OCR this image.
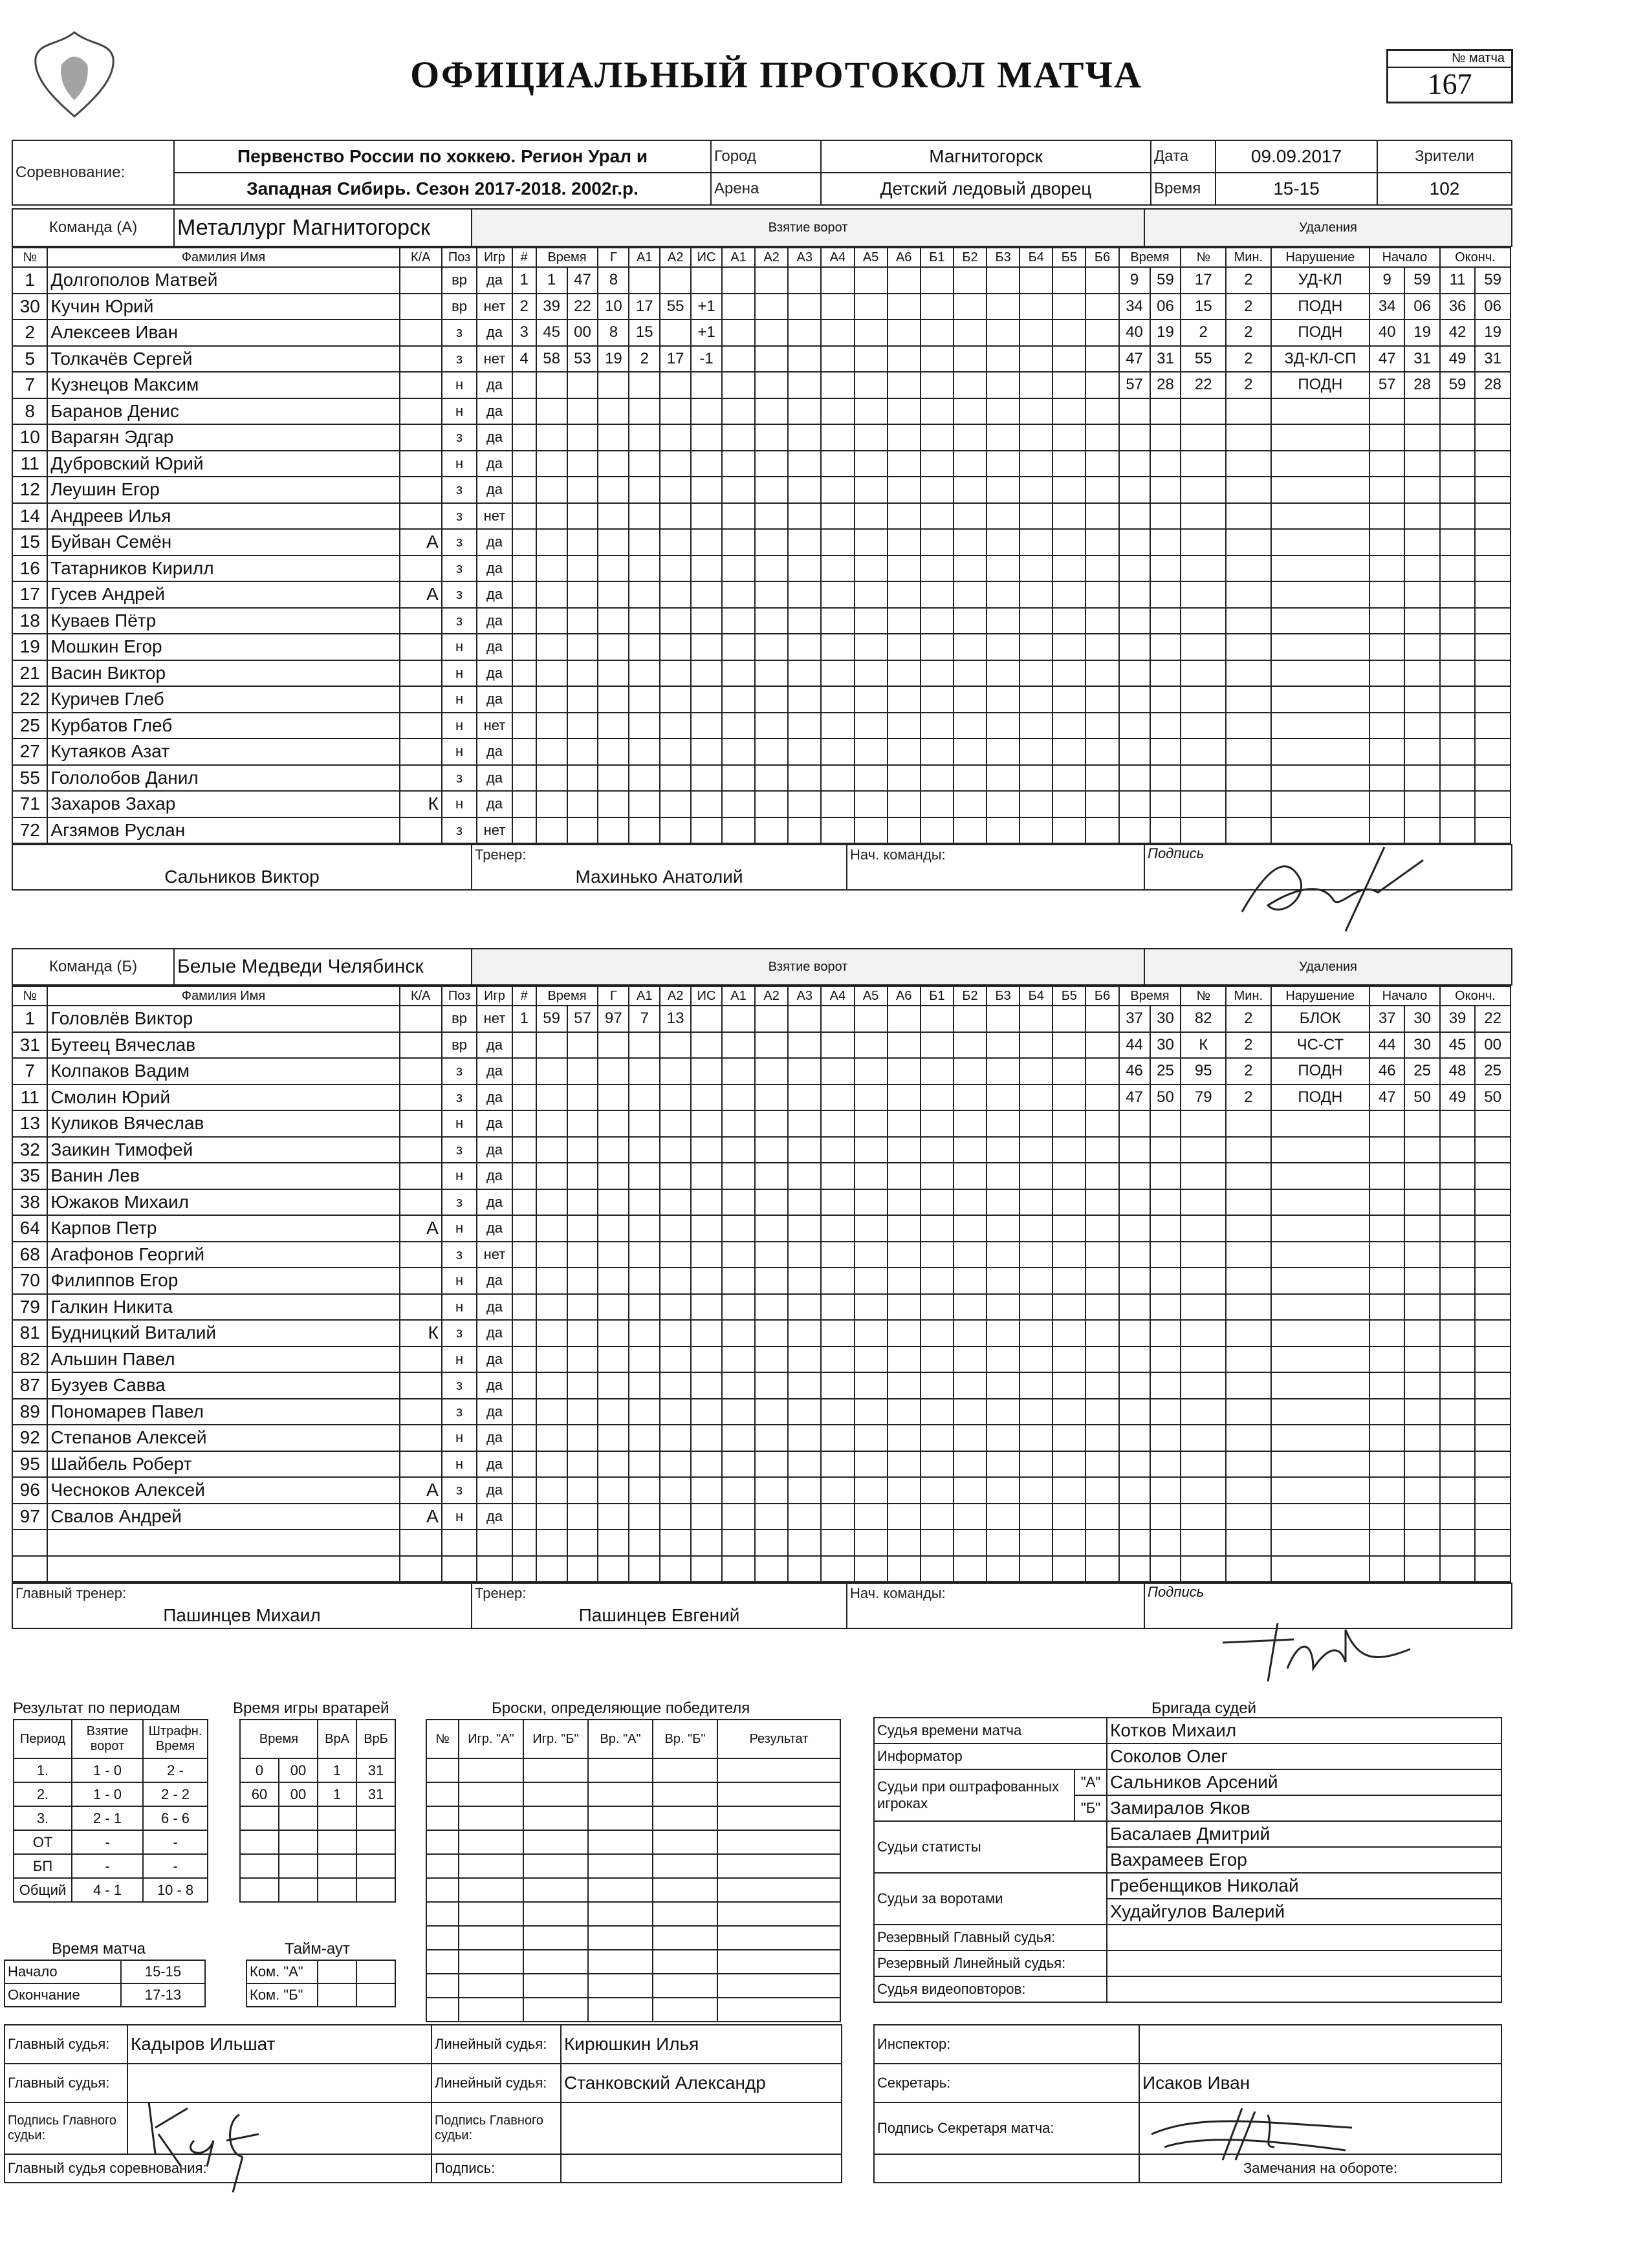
ОФИЦИАЛЬНЫЙ ПРОТОКОЛ МАТЧА	№ матча
167
Соревнование:	Первенство России по хоккею. Регион Урал и	Город	Магнитогорск	Дата	09.09.2017	Зрители
	Западная Сибирь. Сезон 2017-2018. 2002г.р.	Арена	Детский ледовый дворец	Время	15-15	102
Команда (А)	Металлург Магнитогорск	Взятие ворот	Удаления
№	Фамилия Имя	К/А	Поз	Игр	#	Время		Г	А1	А2	ИС	А1	А2	А3	А4	А5	А6	Б1	Б2	Б3	Б4	Б5	Б6	Время		№	Мин.	Нарушение	Начало		Оконч.	
1	Долгополов Матвей		вр	да	1	1	47	8																9	59	17	2	УД-КЛ	9	59	11	59
30	Кучин Юрий		вр	нет	2	39	22	10	17	55	+1													34	06	15	2	ПОДН	34	06	36	06
2	Алексеев Иван		з	да	3	45	00	8	15		+1													40	19	2	2	ПОДН	40	19	42	19
5	Толкачёв Сергей		з	нет	4	58	53	19	2	17	-1													47	31	55	2	ЗД-КЛ-СП	47	31	49	31
7	Кузнецов Максим		н	да																				57	28	22	2	ПОДН	57	28	59	28
8	Баранов Денис		н	да																												
10	Варагян Эдгар		з	да																												
11	Дубровский Юрий		н	да																												
12	Леушин Егор		з	да																												
14	Андреев Илья		з	нет																												
15	Буйван Семён	А	з	да																												
16	Татарников Кирилл		з	да																												
17	Гусев Андрей	А	з	да																												
18	Куваев Пётр		з	да																												
19	Мошкин Егор		н	да																												
21	Васин Виктор		н	да																												
22	Куричев Глеб		н	да																												
25	Курбатов Глеб		н	нет																												
27	Кутаяков Азат		н	да																												
55	Гололобов Данил		з	да																												
71	Захаров Захар	К	н	да																												
72	Агзямов Руслан		з	нет																												
	Тренер:	Нач. команды:	Подпись
Сальников Виктор	Махинько Анатолий		
Команда (Б)	Белые Медведи Челябинск	Взятие ворот	Удаления
№	Фамилия Имя	К/А	Поз	Игр	#	Время		Г	А1	А2	ИС	А1	А2	А3	А4	А5	А6	Б1	Б2	Б3	Б4	Б5	Б6	Время		№	Мин.	Нарушение	Начало		Оконч.	
1	Головлёв Виктор		вр	нет	1	59	57	97	7	13														37	30	82	2	БЛОК	37	30	39	22
31	Бутеец Вячеслав		вр	да																				44	30	К	2	ЧС-СТ	44	30	45	00
7	Колпаков Вадим		з	да																				46	25	95	2	ПОДН	46	25	48	25
11	Смолин Юрий		з	да																				47	50	79	2	ПОДН	47	50	49	50
13	Куликов Вячеслав		н	да																												
32	Заикин Тимофей		з	да																												
35	Ванин Лев		н	да																												
38	Южаков Михаил		з	да																												
64	Карпов Петр	А	н	да																												
68	Агафонов Георгий		з	нет																												
70	Филиппов Егор		н	да																												
79	Галкин Никита		н	да																												
81	Будницкий Виталий	К	з	да																												
82	Альшин Павел		н	да																												
87	Бузуев Савва		з	да																												
89	Пономарев Павел		з	да																												
92	Степанов Алексей		н	да																												
95	Шайбель Роберт		н	да																												
96	Чесноков Алексей	А	з	да																												
97	Свалов Андрей	А	н	да																												

Главный тренер:	Тренер:	Нач. команды:	Подпись
Пашинцев Михаил	Пашинцев Евгений		
Результат по периодам
Период	Взятие ворот	Штрафн. Время
1.	1 - 0	2 -
2.	1 - 0	2 - 2
3.	2 - 1	6 - 6
ОТ	-	-
БП	-	-
Общий	4 - 1	10 - 8
Время игры вратарей
Время		ВрА	ВрБ
0	00	1	31
60	00	1	31

Броски, определяющие победителя
№	Игр. "А"	Игр. "Б"	Вр. "А"	Вр. "Б"	Результат

Время матча
Начало	15-15
Окончание	17-13
Тайм-аут
Ком. "А"		
Ком. "Б"		
Главный судья:	Кадыров Ильшат	Линейный судья:	Кирюшкин Илья
Главный судья:		Линейный судья:	Станковский Александр
Подпись Главного судьи:		Подпись Главного судьи:	
Главный судья соревнования:		Подпись:	
Бригада судей
Судья времени матча		Котков Михаил
Информатор		Соколов Олег
Судьи при оштрафованных игроках	"А"	Сальников Арсений
	"Б"	Замиралов Яков
Судьи статисты		Басалаев Дмитрий
		Вахрамеев Егор
Судьи за воротами		Гребенщиков Николай
		Худайгулов Валерий
Резервный Главный судья:		
Резервный Линейный судья:		
Судья видеоповторов:		
Инспектор:	
Секретарь:	Исаков Иван
Подпись Секретаря матча:	
	Замечания на обороте:
